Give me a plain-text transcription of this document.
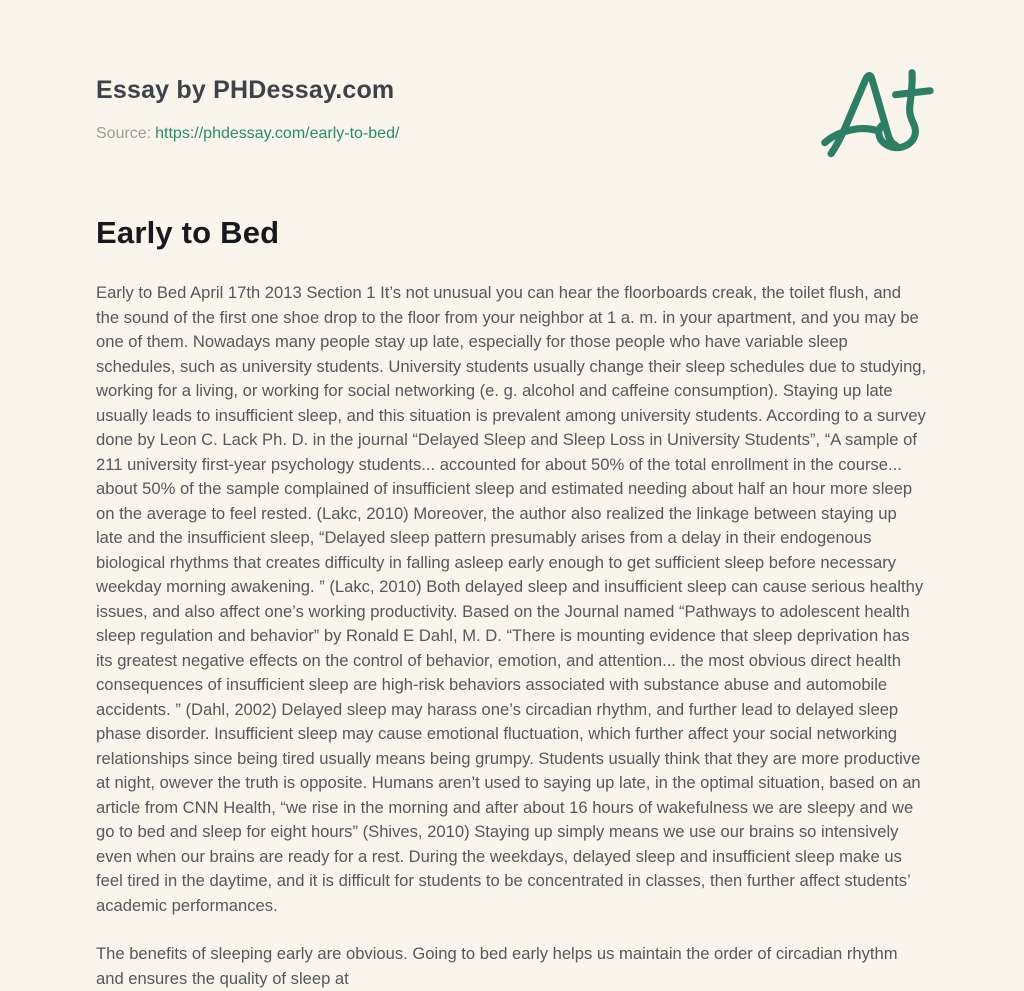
Essay by PHDessay.com
Source: https://phdessay.com/early-to-bed/
Early to Bed

Early to Bed April 17th 2013 Section 1 It’s not unusual you can hear the floorboards creak, the toilet flush, and the sound of the first one shoe drop to the floor from your neighbor at 1 a. m. in your apartment, and you may be one of them. Nowadays many people stay up late, especially for those people who have variable sleep schedules, such as university students. University students usually change their sleep schedules due to studying, working for a living, or working for social networking (e. g. alcohol and caffeine consumption). Staying up late usually leads to insufficient sleep, and this situation is prevalent among university students. According to a survey done by Leon C. Lack Ph. D. in the journal “Delayed Sleep and Sleep Loss in University Students”, “A sample of 211 university first-year psychology students... accounted for about 50% of the total enrollment in the course... about 50% of the sample complained of insufficient sleep and estimated needing about half an hour more sleep on the average to feel rested. (Lakc, 2010) Moreover, the author also realized the linkage between staying up late and the insufficient sleep, “Delayed sleep pattern presumably arises from a delay in their endogenous biological rhythms that creates difficulty in falling asleep early enough to get sufficient sleep before necessary weekday morning awakening. ” (Lakc, 2010) Both delayed sleep and insufficient sleep can cause serious healthy issues, and also affect one’s working productivity. Based on the Journal named “Pathways to adolescent health sleep regulation and behavior” by Ronald E Dahl, M. D. “There is mounting evidence that sleep deprivation has its greatest negative effects on the control of behavior, emotion, and attention... the most obvious direct health consequences of insufficient sleep are high-risk behaviors associated with substance abuse and automobile accidents. ” (Dahl, 2002) Delayed sleep may harass one’s circadian rhythm, and further lead to delayed sleep phase disorder. Insufficient sleep may cause emotional fluctuation, which further affect your social networking relationships since being tired usually means being grumpy. Students usually think that they are more productive at night, owever the truth is opposite. Humans aren’t used to saying up late, in the optimal situation, based on an article from CNN Health, “we rise in the morning and after about 16 hours of wakefulness we are sleepy and we go to bed and sleep for eight hours” (Shives, 2010) Staying up simply means we use our brains so intensively even when our brains are ready for a rest. During the weekdays, delayed sleep and insufficient sleep make us feel tired in the daytime, and it is difficult for students to be concentrated in classes, then further affect students’ academic performances.

The benefits of sleeping early are obvious. Going to bed early helps us maintain the order of circadian rhythm and ensures the quality of sleep at
